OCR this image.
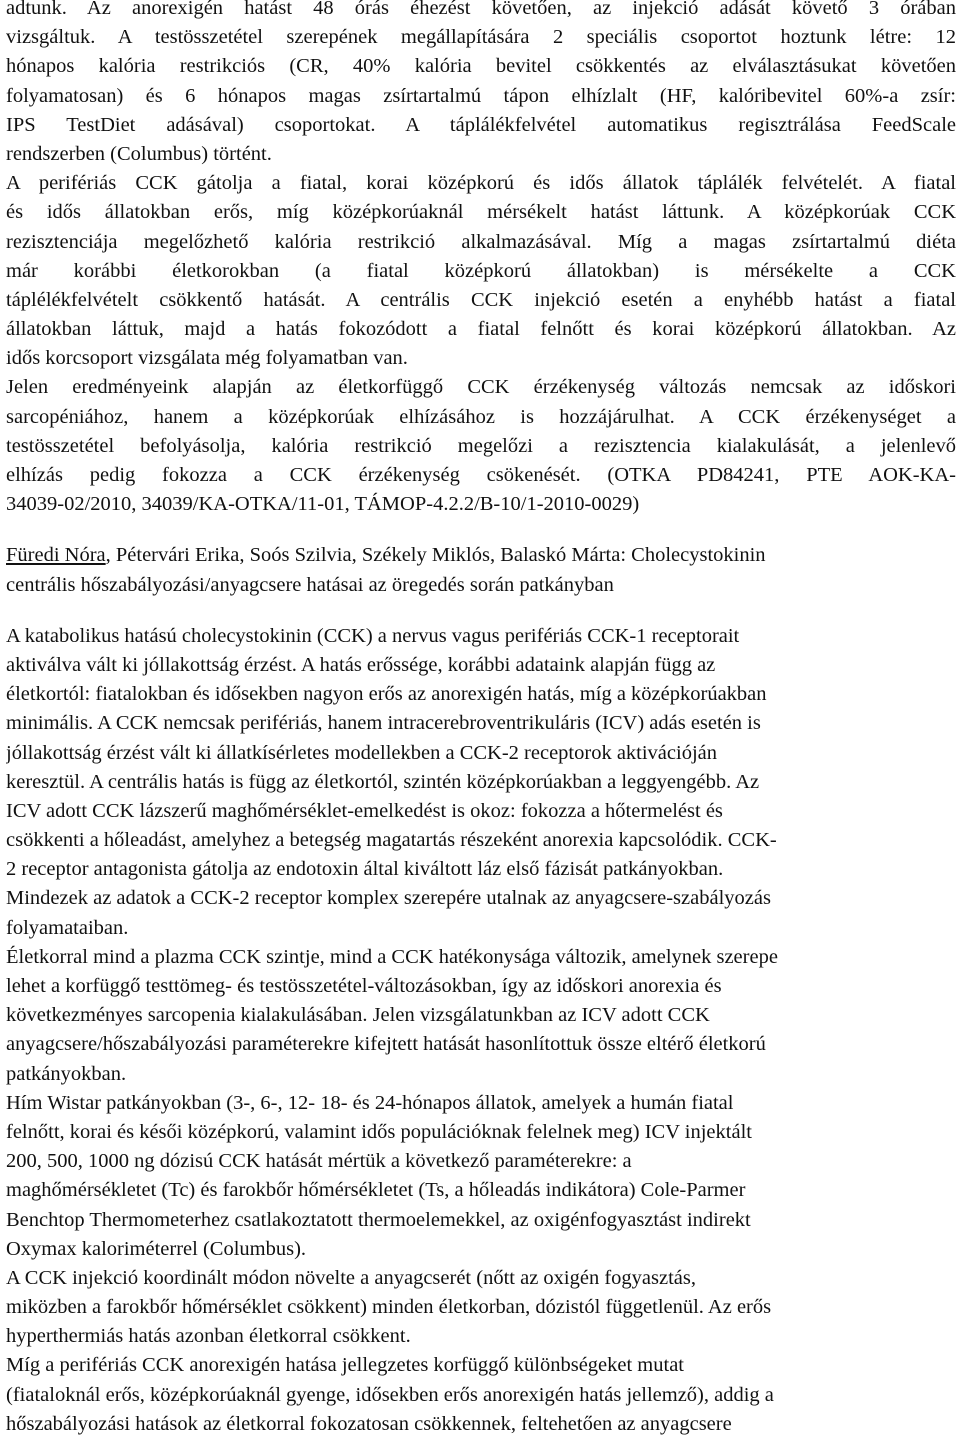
adtunk. Az anorexigén hatást 48 órás éhezést követően, az injekció adását követő 3 órában
vizsgáltuk. A testösszetétel szerepének megállapítására 2 speciális csoportot hoztunk létre: 12
hónapos kalória restrikciós (CR, 40% kalória bevitel csökkentés az elválasztásukat követően
folyamatosan) és 6 hónapos magas zsírtartalmú tápon elhízlalt (HF, kalóribevitel 60%-a zsír:
IPS TestDiet adásával) csoportokat. A táplálékfelvétel automatikus regisztrálása FeedScale
rendszerben (Columbus) történt.
A perifériás CCK gátolja a fiatal, korai középkorú és idős állatok táplálék felvételét. A fiatal
és idős állatokban erős, míg középkorúaknál mérsékelt hatást láttunk. A középkorúak CCK
rezisztenciája megelőzhető kalória restrikció alkalmazásával. Míg a magas zsírtartalmú diéta
már korábbi életkorokban (a fiatal középkorú állatokban) is mérsékelte a CCK
táplélékfelvételt csökkentő hatását. A centrális CCK injekció esetén a enyhébb hatást a fiatal
állatokban láttuk, majd a hatás fokozódott a fiatal felnőtt és korai középkorú állatokban. Az
idős korcsoport vizsgálata még folyamatban van.
Jelen eredményeink alapján az életkorfüggő CCK érzékenység változás nemcsak az időskori
sarcopéniához, hanem a középkorúak elhízásához is hozzájárulhat. A CCK érzékenységet a
testösszetétel befolyásolja, kalória restrikció megelőzi a rezisztencia kialakulását, a jelenlevő
elhízás pedig fokozza a CCK érzékenység csökenését. (OTKA PD84241, PTE AOK-KA-
34039-02/2010, 34039/KA-OTKA/11-01, TÁMOP-4.2.2/B-10/1-2010-0029)
Füredi Nóra, Pétervári Erika, Soós Szilvia, Székely Miklós, Balaskó Márta: Cholecystokinin
centrális hőszabályozási/anyagcsere hatásai az öregedés során patkányban
A katabolikus hatású cholecystokinin (CCK) a nervus vagus perifériás CCK-1 receptorait
aktiválva vált ki jóllakottság érzést. A hatás erőssége, korábbi adataink alapján függ az
életkortól: fiatalokban és idősekben nagyon erős az anorexigén hatás, míg a középkorúakban
minimális. A CCK nemcsak perifériás, hanem intracerebroventrikuláris (ICV) adás esetén is
jóllakottság érzést vált ki állatkísérletes modellekben a CCK-2 receptorok aktivációján
keresztül. A centrális hatás is függ az életkortól, szintén középkorúakban a leggyengébb. Az
ICV adott CCK lázszerű maghőmérséklet-emelkedést is okoz: fokozza a hőtermelést és
csökkenti a hőleadást, amelyhez a betegség magatartás részeként anorexia kapcsolódik. CCK-
2 receptor antagonista gátolja az endotoxin által kiváltott láz első fázisát patkányokban.
Mindezek az adatok a CCK-2 receptor komplex szerepére utalnak az anyagcsere-szabályozás
folyamataiban.
Életkorral mind a plazma CCK szintje, mind a CCK hatékonysága változik, amelynek szerepe
lehet a korfüggő testtömeg- és testösszetétel-változásokban, így az időskori anorexia és
következményes sarcopenia kialakulásában. Jelen vizsgálatunkban az ICV adott CCK
anyagcsere/hőszabályozási paraméterekre kifejtett hatását hasonlítottuk össze eltérő életkorú
patkányokban.
Hím Wistar patkányokban (3-, 6-, 12- 18- és 24-hónapos állatok, amelyek a humán fiatal
felnőtt, korai és késői középkorú, valamint idős populációknak felelnek meg) ICV injektált
200, 500, 1000 ng dózisú CCK hatását mértük a következő paraméterekre: a
maghőmérsékletet (Tc) és farokbőr hőmérsékletet (Ts, a hőleadás indikátora) Cole-Parmer
Benchtop Thermometerhez csatlakoztatott thermoelemekkel, az oxigénfogyasztást indirekt
Oxymax kaloriméterrel (Columbus).
A CCK injekció koordinált módon növelte a anyagcserét (nőtt az oxigén fogyasztás,
miközben a farokbőr hőmérséklet csökkent) minden életkorban, dózistól függetlenül. Az erős
hyperthermiás hatás azonban életkorral csökkent.
Míg a perifériás CCK anorexigén hatása jellegzetes korfüggő különbségeket mutat
(fiataloknál erős, középkorúaknál gyenge, idősekben erős anorexigén hatás jellemző), addig a
hőszabályozási hatások az életkorral fokozatosan csökkennek, feltehetően az anyagcsere
